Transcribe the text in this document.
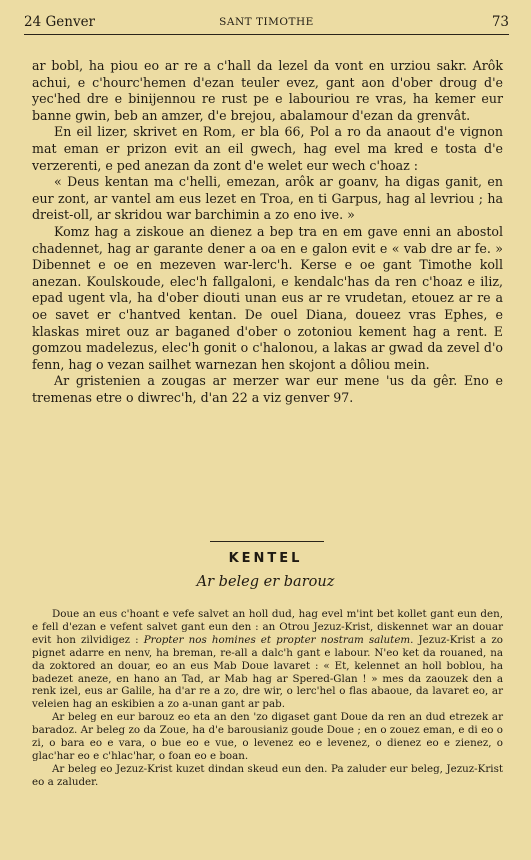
24 Genver	SANT TIMOTHE	73

ar bobl, ha piou eo ar re a c'hall da lezel da vont en urziou sakr. Arôk achui, e c'hourc'hemen d'ezan teuler evez, gant aon d'ober droug d'e yec'hed dre e binijennou re rust pe e labouriou re vras, ha kemer eur banne gwin, beb an amzer, d'e brejou, abalamour d'ezan da grenvât.

En eil lizer, skrivet en Rom, er bla 66, Pol a ro da anaout d'e vignon mat eman er prizon evit an eil gwech, hag evel ma kred e tosta d'e verzerenti, e ped anezan da zont d'e welet eur wech c'hoaz :

« Deus kentan ma c'helli, emezan, arôk ar goanv, ha digas ganit, en eur zont, ar vantel am eus lezet en Troa, en ti Garpus, hag al levriou ; ha dreist-oll, ar skridou war barchimin a zo eno ive. »

Komz hag a ziskoue an dienez a bep tra en em gave enni an abostol chadennet, hag ar garante dener a oa en e galon evit e « vab dre ar fe. » Dibennet e oe en mezeven war-lerc'h. Kerse e oe gant Timothe koll anezan. Koulskoude, elec'h fallgaloni, e kendalc'has da ren c'hoaz e iliz, epad ugent vla, ha d'ober diouti unan eus ar re vrudetan, etouez ar re a oe savet er c'hantved kentan. De ouel Diana, doueez vras Ephes, e klaskas miret ouz ar baganed d'ober o zotoniou kement hag a rent. E gomzou madelezus, elec'h gonit o c'halonou, a lakas ar gwad da zevel d'o fenn, hag o vezan sailhet warnezan hen skojont a dôliou mein.

Ar gristenien a zougas ar merzer war eur mene 'us da gêr. Eno e tremenas etre o diwrec'h, d'an 22 a viz genver 97.

KENTEL
Ar beleg er barouz

Doue an eus c'hoant e vefe salvet an holl dud, hag evel m'int bet kollet gant eun den, e fell d'ezan e vefent salvet gant eun den : an Otrou Jezuz-Krist, diskennet war an douar evit hon zilvidigez : Propter nos homines et propter nostram salutem. Jezuz-Krist a zo pignet adarre en nenv, ha breman, re-all a dalc'h gant e labour. N'eo ket da rouaned, na da zoktored an douar, eo an eus Mab Doue lavaret : « Et, kelennet an holl boblou, ha badezet aneze, en hano an Tad, ar Mab hag ar Spered-Glan ! » mes da zaouzek den a renk izel, eus ar Galile, ha d'ar re a zo, dre wir, o lerc'hel o flas abaoue, da lavaret eo, ar veleien hag an eskibien a zo a-unan gant ar pab.

Ar beleg en eur barouz eo eta an den 'zo digaset gant Doue da ren an dud etrezek ar baradoz. Ar beleg zo da Zoue, ha d'e barousianiz goude Doue ; en o zouez eman, e di eo o zi, o bara eo e vara, o bue eo e vue, o levenez eo e levenez, o dienez eo e zienez, o glac'har eo e c'hlac'har, o foan eo e boan.

Ar beleg eo Jezuz-Krist kuzet dindan skeud eun den. Pa zaluder eur beleg, Jezuz-Krist eo a zaluder.
